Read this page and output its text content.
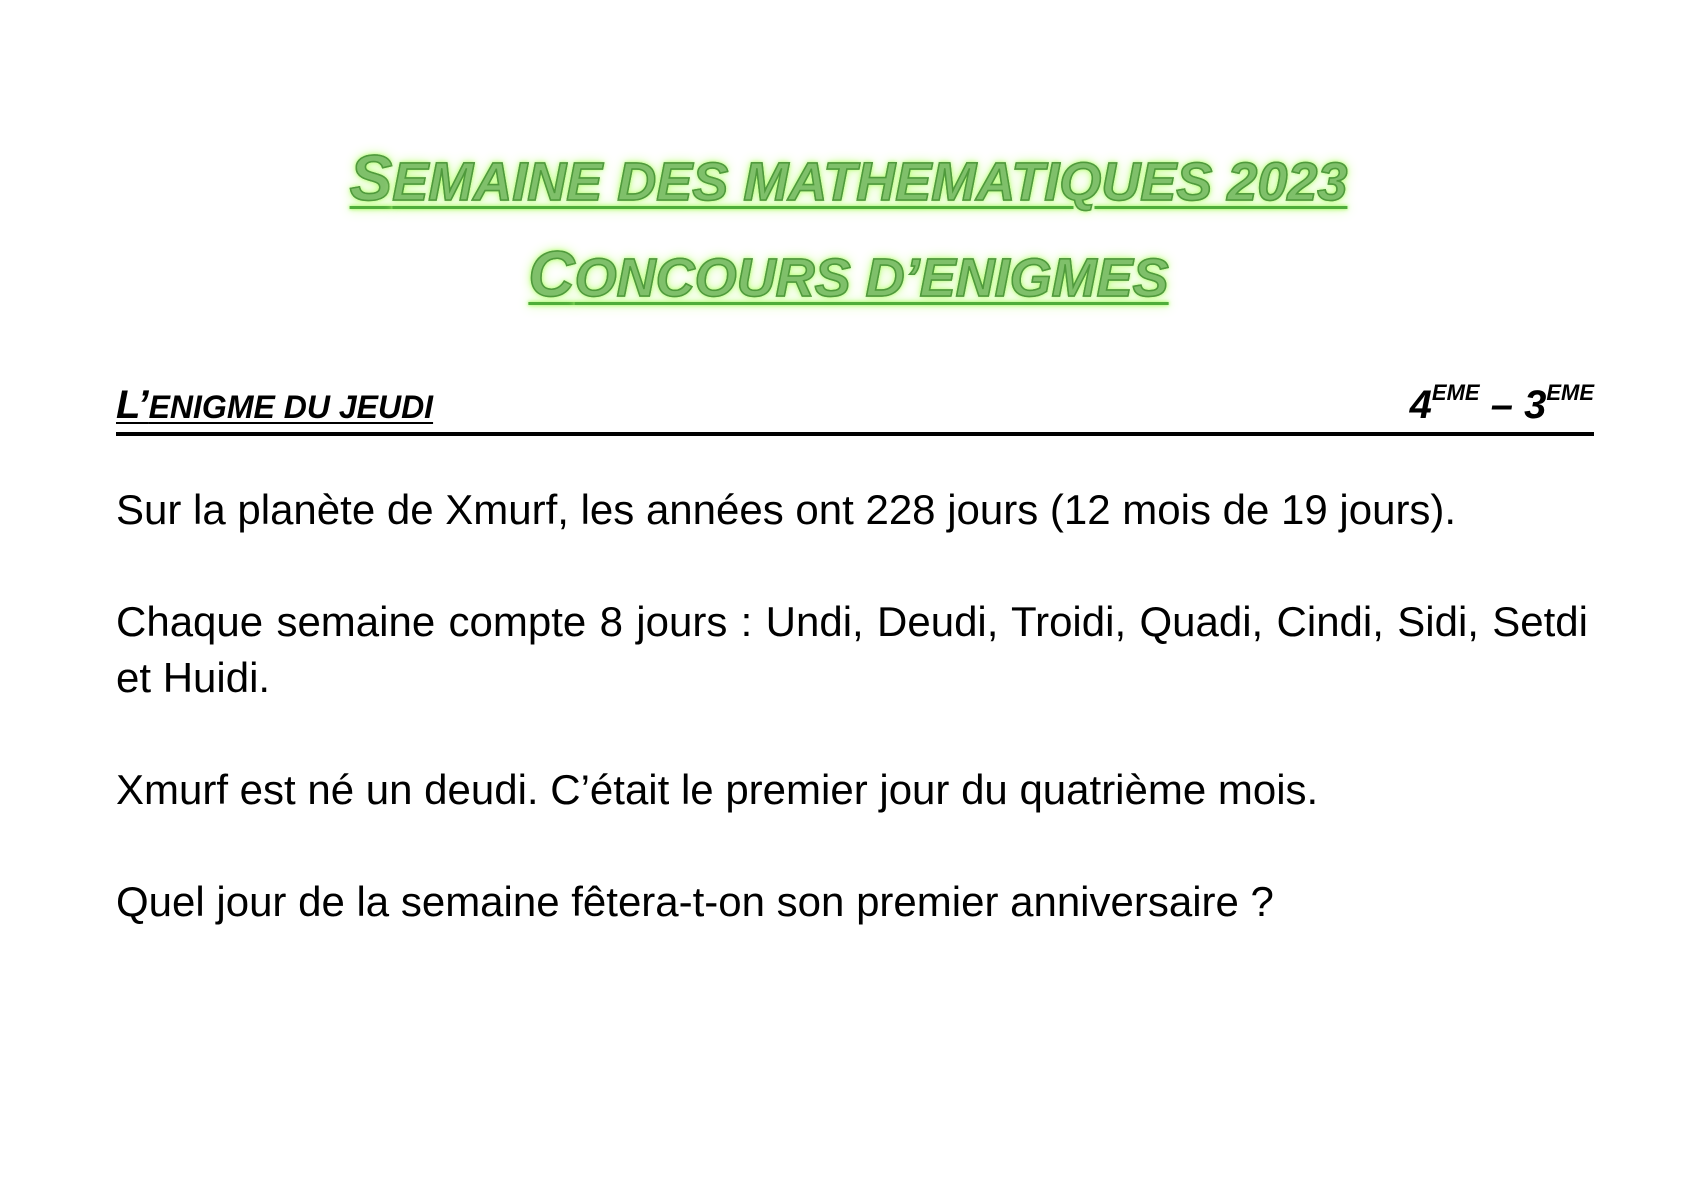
SEMAINE DES MATHEMATIQUES 2023
CONCOURS D’ENIGMES
L’ENIGME DU JEUDI	4EME – 3EME

Sur la planète de Xmurf, les années ont 228 jours (12 mois de 19 jours).

Chaque semaine compte 8 jours : Undi, Deudi, Troidi, Quadi, Cindi, Sidi, Setdi et Huidi.

Xmurf est né un deudi. C’était le premier jour du quatrième mois.

Quel jour de la semaine fêtera-t-on son premier anniversaire ?
